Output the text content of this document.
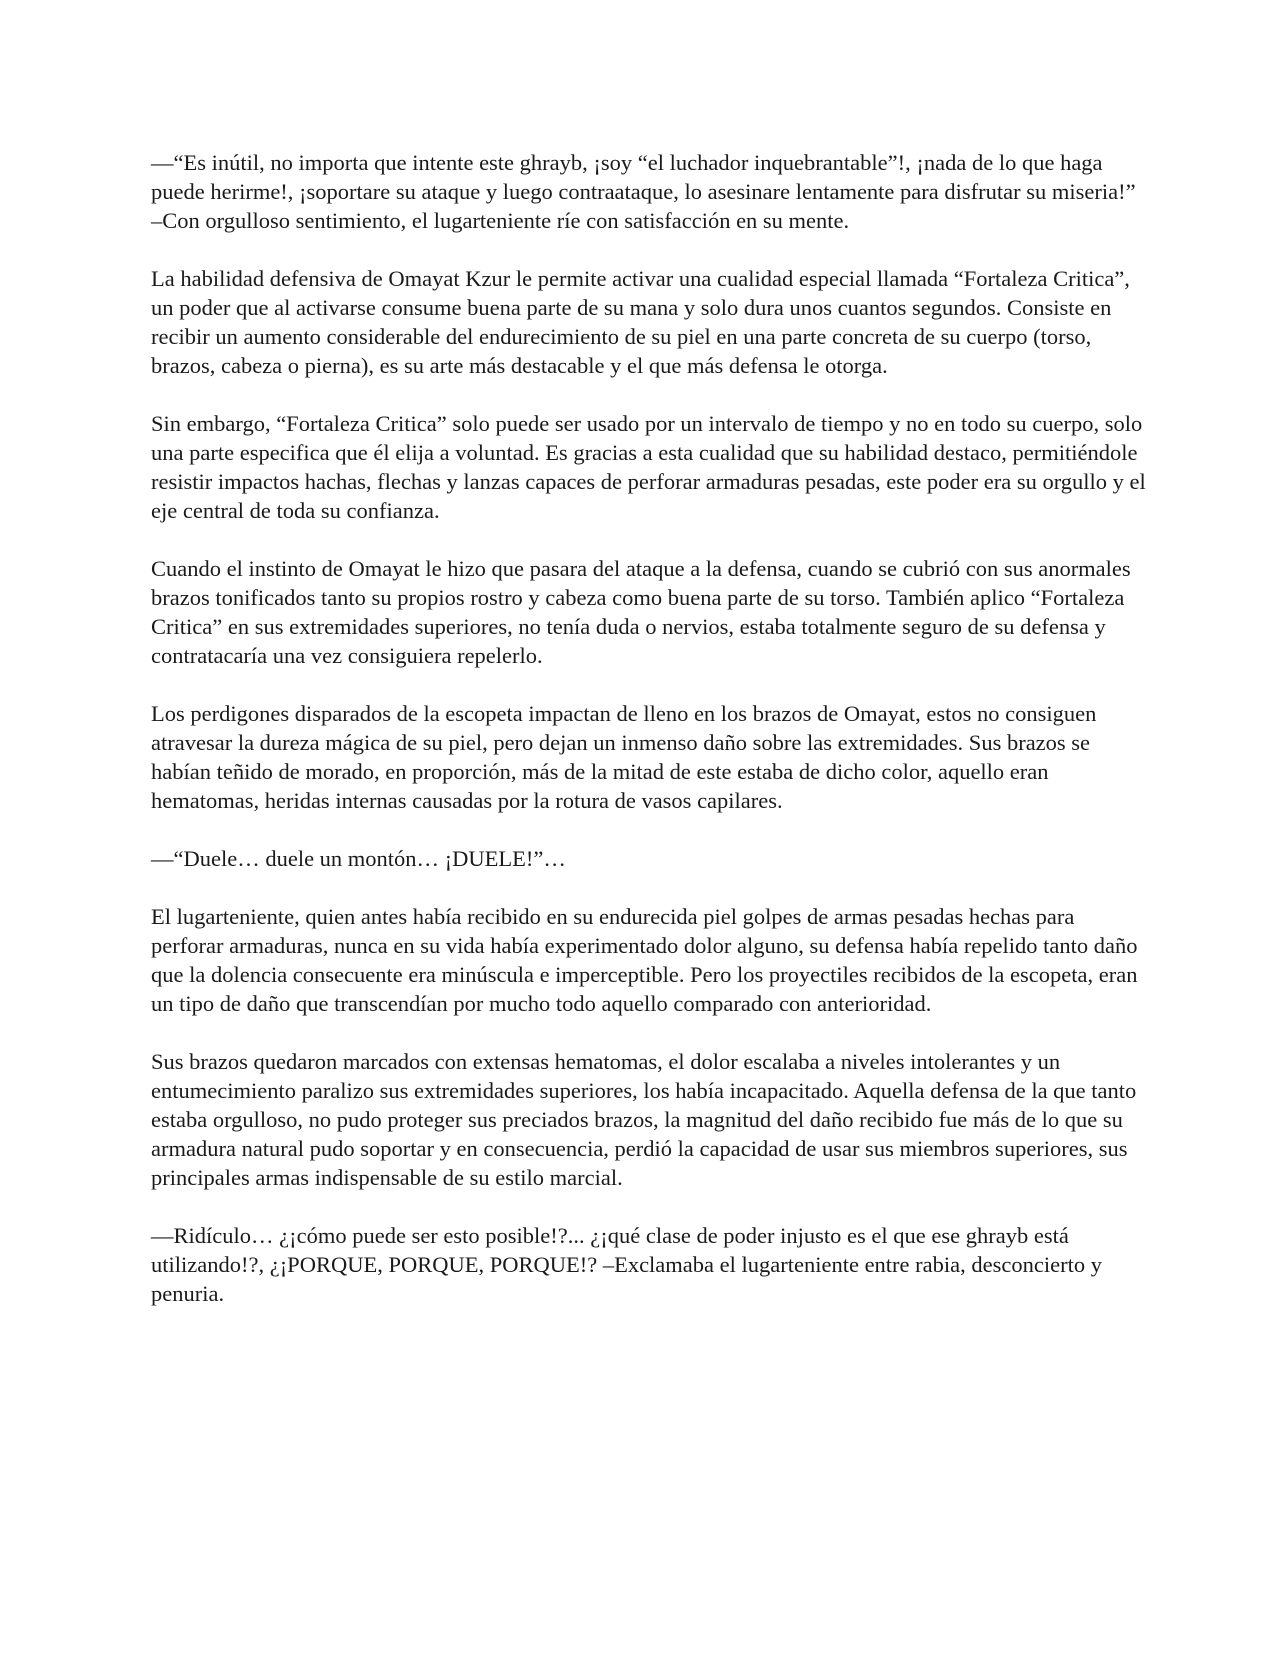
—“Es inútil, no importa que intente este ghrayb, ¡soy “el luchador inquebrantable”!, ¡nada de lo que haga puede herirme!, ¡soportare su ataque y luego contraataque, lo asesinare lentamente para disfrutar su miseria!” –Con orgulloso sentimiento, el lugarteniente ríe con satisfacción en su mente.

La habilidad defensiva de Omayat Kzur le permite activar una cualidad especial llamada “Fortaleza Critica”, un poder que al activarse consume buena parte de su mana y solo dura unos cuantos segundos. Consiste en recibir un aumento considerable del endurecimiento de su piel en una parte concreta de su cuerpo (torso, brazos, cabeza o pierna), es su arte más destacable y el que más defensa le otorga.

Sin embargo, “Fortaleza Critica” solo puede ser usado por un intervalo de tiempo y no en todo su cuerpo, solo una parte especifica que él elija a voluntad. Es gracias a esta cualidad que su habilidad destaco, permitiéndole resistir impactos hachas, flechas y lanzas capaces de perforar armaduras pesadas, este poder era su orgullo y el eje central de toda su confianza.

Cuando el instinto de Omayat le hizo que pasara del ataque a la defensa, cuando se cubrió con sus anormales brazos tonificados tanto su propios rostro y cabeza como buena parte de su torso. También aplico “Fortaleza Critica” en sus extremidades superiores, no tenía duda o nervios, estaba totalmente seguro de su defensa y contratacaría una vez consiguiera repelerlo.

Los perdigones disparados de la escopeta impactan de lleno en los brazos de Omayat, estos no consiguen atravesar la dureza mágica de su piel, pero dejan un inmenso daño sobre las extremidades. Sus brazos se habían teñido de morado, en proporción, más de la mitad de este estaba de dicho color, aquello eran hematomas, heridas internas causadas por la rotura de vasos capilares.

—“Duele… duele un montón… ¡DUELE!”…

El lugarteniente, quien antes había recibido en su endurecida piel golpes de armas pesadas hechas para perforar armaduras, nunca en su vida había experimentado dolor alguno, su defensa había repelido tanto daño que la dolencia consecuente era minúscula e imperceptible. Pero los proyectiles recibidos de la escopeta, eran un tipo de daño que transcendían por mucho todo aquello comparado con anterioridad.

Sus brazos quedaron marcados con extensas hematomas, el dolor escalaba a niveles intolerantes y un entumecimiento paralizo sus extremidades superiores, los había incapacitado. Aquella defensa de la que tanto estaba orgulloso, no pudo proteger sus preciados brazos, la magnitud del daño recibido fue más de lo que su armadura natural pudo soportar y en consecuencia, perdió la capacidad de usar sus miembros superiores, sus principales armas indispensable de su estilo marcial.

—Ridículo… ¿¡cómo puede ser esto posible!?... ¿¡qué clase de poder injusto es el que ese ghrayb está utilizando!?, ¿¡PORQUE, PORQUE, PORQUE!? –Exclamaba el lugarteniente entre rabia, desconcierto y penuria.
